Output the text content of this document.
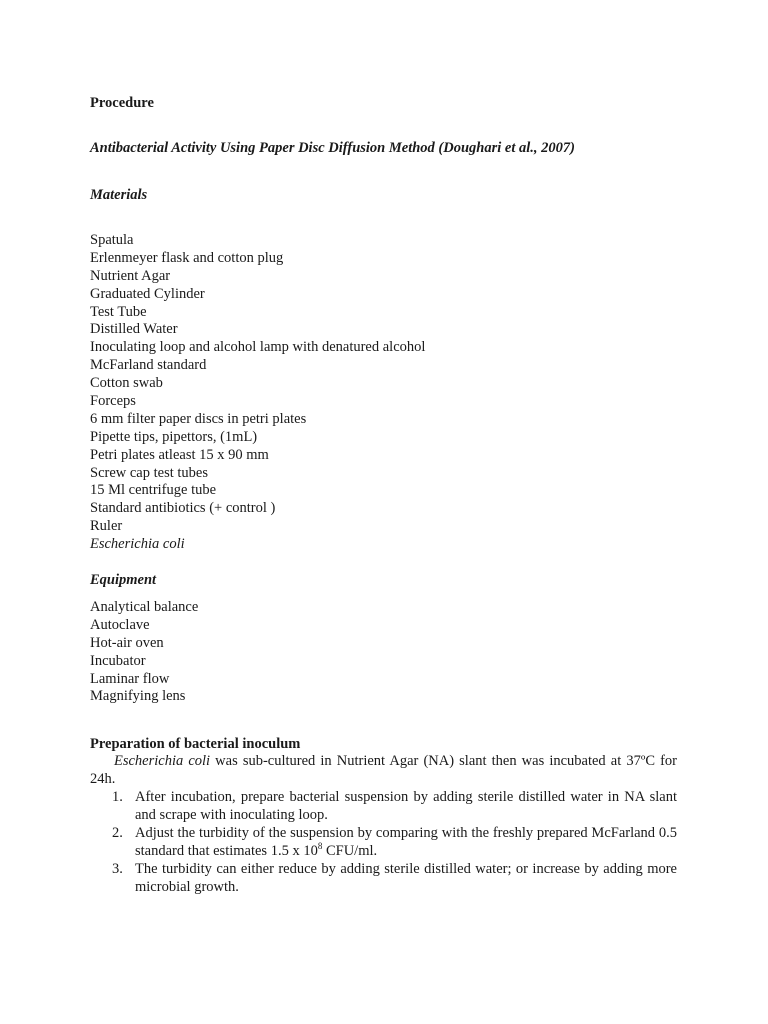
Procedure
Antibacterial Activity Using Paper Disc Diffusion Method (Doughari et al., 2007)
Materials
Spatula
Erlenmeyer flask and cotton plug
Nutrient Agar
Graduated Cylinder
Test Tube
Distilled Water
Inoculating loop and alcohol lamp with denatured alcohol
McFarland standard
Cotton swab
Forceps
6 mm filter paper discs in petri plates
Pipette tips, pipettors, (1mL)
Petri plates atleast 15 x 90 mm
Screw cap test tubes
15 Ml centrifuge tube
Standard antibiotics (+ control )
Ruler
Escherichia coli
Equipment
Analytical balance
Autoclave
Hot-air oven
Incubator
Laminar flow
Magnifying lens
Preparation of bacterial inoculum
Escherichia coli was sub-cultured in Nutrient Agar (NA) slant then was incubated at 37ºC for 24h.
1. After incubation, prepare bacterial suspension by adding sterile distilled water in NA slant and scrape with inoculating loop.
2. Adjust the turbidity of the suspension by comparing with the freshly prepared McFarland 0.5 standard that estimates 1.5 x $10^8$ CFU/ml.
3. The turbidity can either reduce by adding sterile distilled water; or increase by adding more microbial growth.
